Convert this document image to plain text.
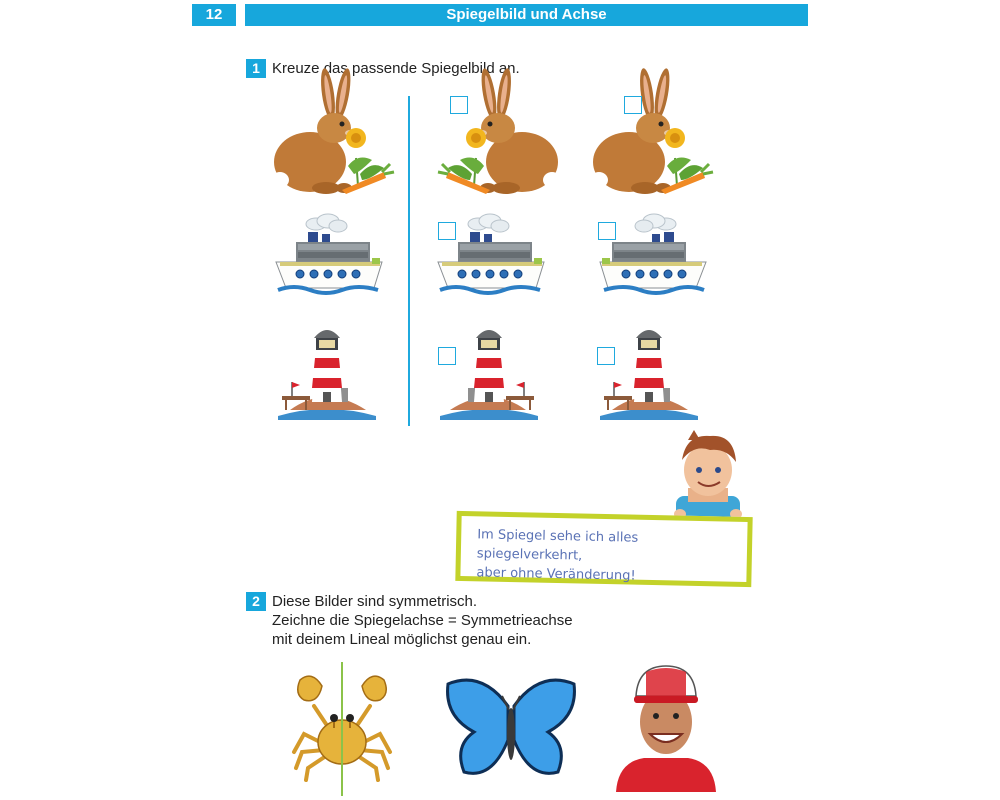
12	Spiegelbild und Achse
1 Kreuze das passende Spiegelbild an.

Im Spiegel sehe ich alles spiegelverkehrt,
aber ohne Veränderung!

2 Diese Bilder sind symmetrisch.
Zeichne die Spiegelachse = Symmetrieachse
mit deinem Lineal möglichst genau ein.
